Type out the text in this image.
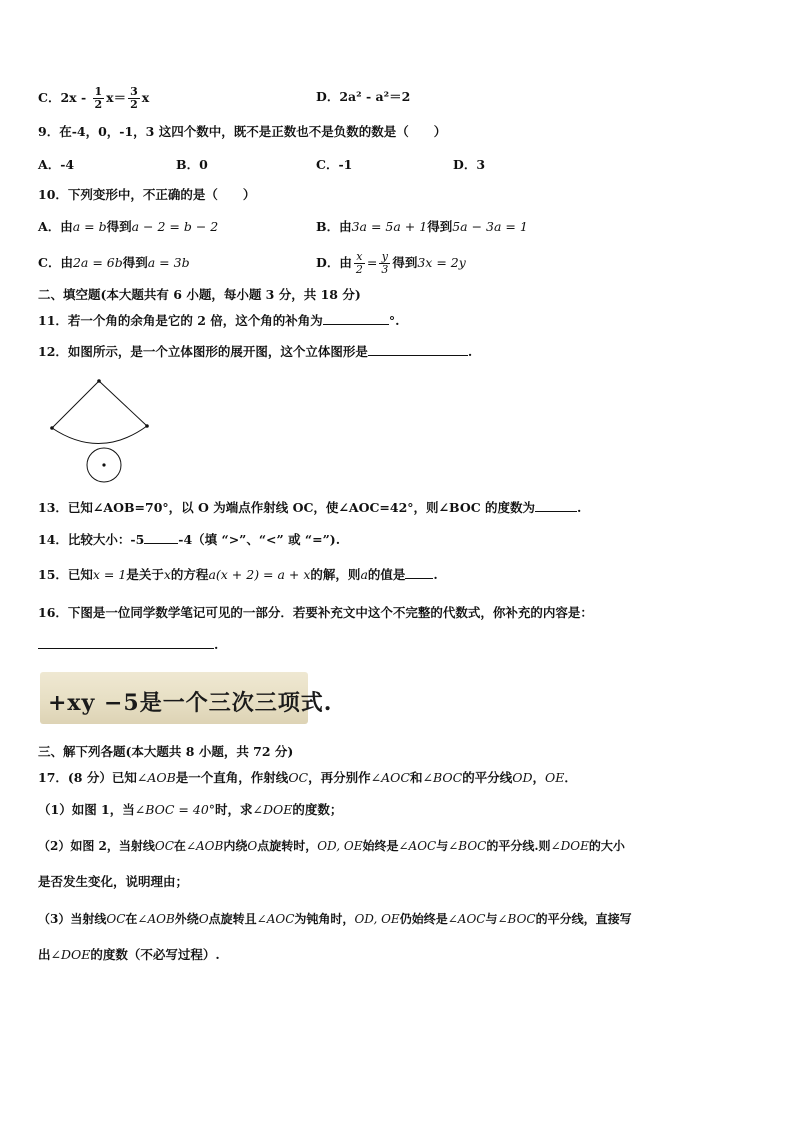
C．$2x - \frac{1}{2} x= \frac{3}{2}$ x	D．2a² - a²＝2
9．在-4，0，-1，3 这四个数中，既不是正数也不是负数的数是（　　）
A．-4	B．0	C．-1	D．3
10．下列变形中，不正确的是（　　）
A．由a = b得到a − 2 = b − 2	B．由3a = 5a + 1得到5a − 3a = 1
C．由2a = 6b得到a = 3b	D．由 $\frac{x}{2} = \frac{y}{3}$ 得到3x = 2y
二、填空题(本大题共有 6 小题，每小题 3 分，共 18 分)
11．若一个角的余角是它的 2 倍，这个角的补角为	°.
12．如图所示，是一个立体图形的展开图，这个立体图形是	.
13．已知∠AOB=70°，以 O 为端点作射线 OC，使∠AOC=42°，则∠BOC 的度数为	.
14．比较大小：-5	-4（填 “>”、“<” 或 “=”).
15．已知x = 1是关于x的方程a(x + 2) = a + x的解，则a的值是 .
16．下图是一位同学数学笔记可见的一部分．若要补充文中这个不完整的代数式，你补充的内容是：
.
+xy −5是一个三次三项式.
三、解下列各题(本大题共 8 小题，共 72 分)
17．(8 分）已知∠AOB是一个直角，作射线OC，再分别作∠AOC和∠BOC的平分线OD，OE．
（1）如图 1，当∠BOC = 40°时，求∠DOE的度数；
（2）如图 2，当射线OC在∠AOB内绕O点旋转时，OD, OE始终是∠AOC与∠BOC的平分线.则∠DOE的大小
是否发生变化，说明理由；
（3）当射线OC在∠AOB外绕O点旋转且∠AOC为钝角时，OD, OE仍始终是∠AOC与∠BOC的平分线，直接写
出∠DOE的度数（不必写过程）.
